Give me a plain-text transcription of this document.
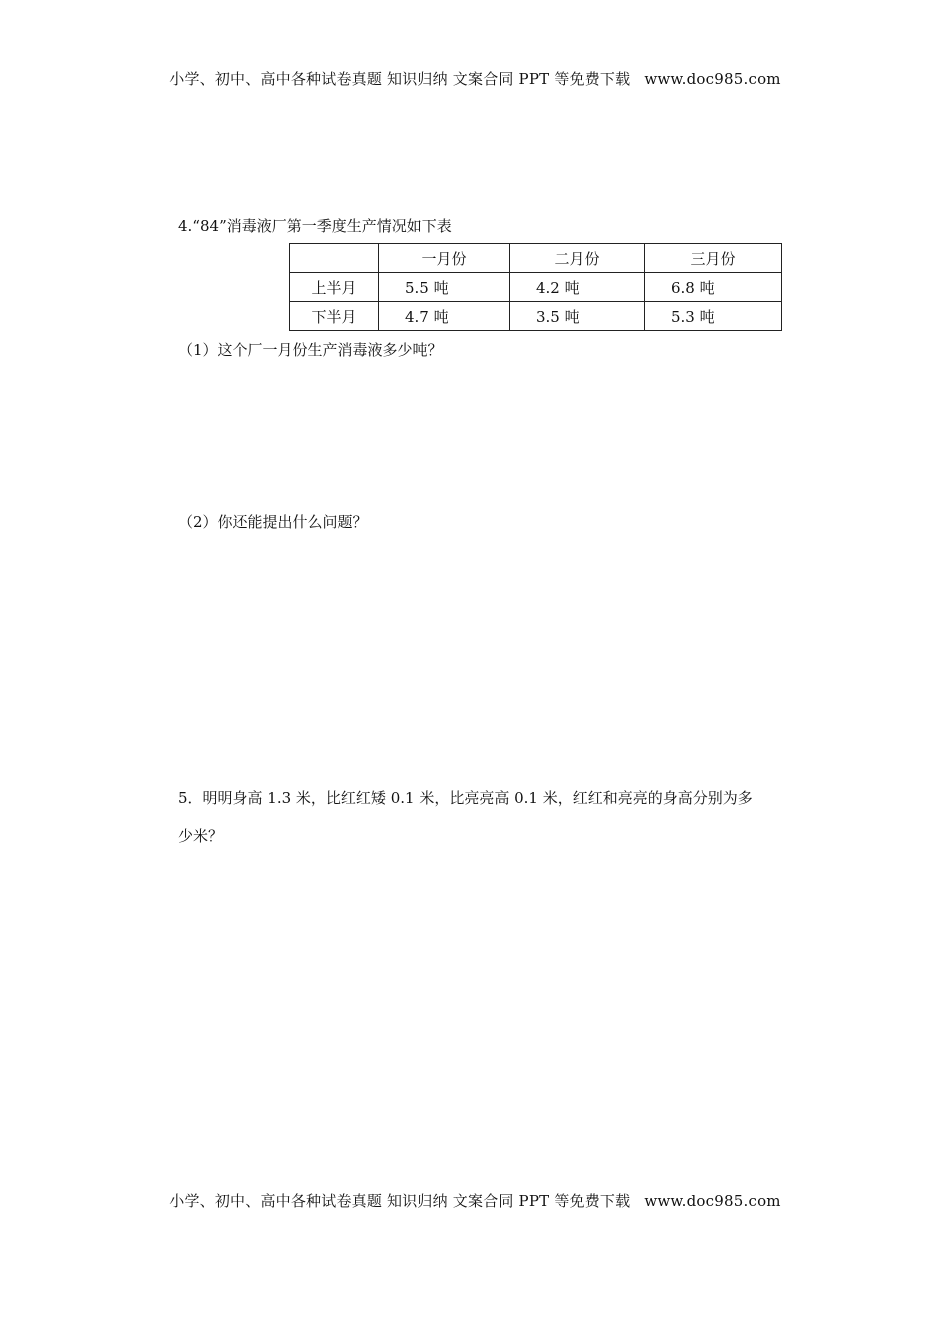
小学、初中、高中各种试卷真题 知识归纳 文案合同 PPT 等免费下载 www.doc985.com
4.“84”消毒液厂第一季度生产情况如下表
	一月份	二月份	三月份
上半月	5.5 吨	4.2 吨	6.8 吨
下半月	4.7 吨	3.5 吨	5.3 吨
（1）这个厂一月份生产消毒液多少吨？
（2）你还能提出什么问题？
5．明明身高 1.3 米，比红红矮 0.1 米，比亮亮高 0.1 米，红红和亮亮的身高分别为多
少米？
小学、初中、高中各种试卷真题 知识归纳 文案合同 PPT 等免费下载 www.doc985.com
